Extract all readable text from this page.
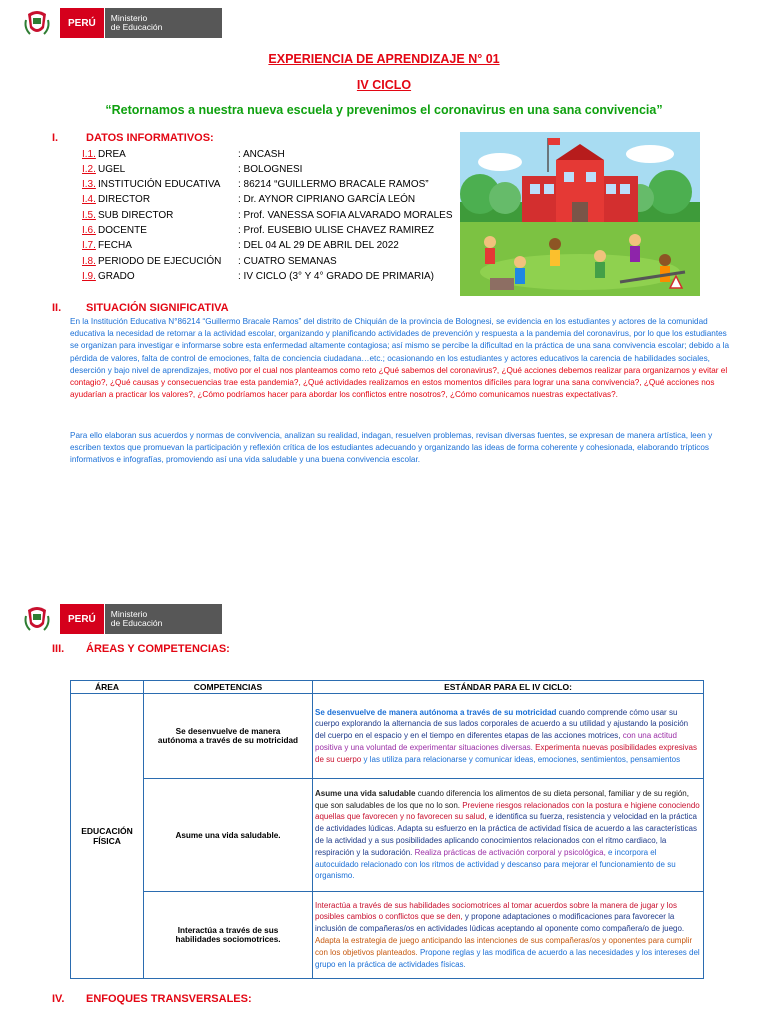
PERÚ	Ministerio
de Educación
EXPERIENCIA DE APRENDIZAJE N° 01
IV CICLO
“Retornamos a nuestra nueva escuela y prevenimos el coronavirus en una sana convivencia”
I.	DATOS INFORMATIVOS:
I.1. DREA	: ANCASH
I.2. UGEL	: BOLOGNESI
I.3. INSTITUCIÓN EDUCATIVA	: 86214 “GUILLERMO BRACALE RAMOS”
I.4. DIRECTOR	: Dr. AYNOR CIPRIANO GARCÍA LEÓN
I.5. SUB DIRECTOR	: Prof. VANESSA SOFIA ALVARADO MORALES
I.6. DOCENTE	: Prof. EUSEBIO ULISE CHAVEZ RAMIREZ
I.7. FECHA	: DEL 04 AL 29 DE ABRIL DEL 2022
I.8. PERIODO DE EJECUCIÓN	: CUATRO SEMANAS
I.9. GRADO	: IV CICLO (3° Y 4° GRADO DE PRIMARIA)
II. SITUACIÓN SIGNIFICATIVA
En la Institución Educativa N°86214 “Guillermo Bracale Ramos” del distrito de Chiquián de la provincia de Bolognesi, se evidencia en los estudiantes y actores de la comunidad educativa la necesidad de retornar a la actividad escolar, organizando y planificando actividades de prevención y respuesta a la pandemia del coronavirus, por lo que los estudiantes se organizan para investigar e informarse sobre esta enfermedad altamente contagiosa; así mismo se percibe la dificultad en la práctica de una sana convivencia escolar; debido a la pérdida de valores, falta de control de emociones, falta de conciencia ciudadana…etc.; ocasionando en los estudiantes y actores educativos la carencia de habilidades sociales, deserción y bajo nivel de aprendizajes, motivo por el cual nos planteamos como reto ¿Qué sabemos del coronavirus?, ¿Qué acciones debemos realizar para organizarnos y evitar el contagio?, ¿Qué causas y consecuencias trae esta pandemia?, ¿Qué actividades realizamos en estos momentos difíciles para lograr una sana convivencia?, ¿Qué acciones nos ayudarían a practicar los valores?, ¿Cómo podríamos hacer para abordar los conflictos entre nosotros?, ¿Cómo comunicamos nuestras expectativas?.
Para ello elaboran sus acuerdos y normas de convivencia, analizan su realidad, indagan, resuelven problemas, revisan diversas fuentes, se expresan de manera artística, leen y escriben textos que promuevan la participación y reflexión crítica de los estudiantes adecuando y organizando las ideas de forma coherente y cohesionada, elaborando trípticos informativos e infografías, promoviendo así una vida saludable y una buena convivencia escolar.
PERÚ	Ministerio
de Educación
III. ÁREAS Y COMPETENCIAS:
ÁREA	COMPETENCIAS	ESTÁNDAR PARA EL IV CICLO:

EDUCACIÓN FÍSICA	Se desenvuelve de manera autónoma a través de su motricidad	Se desenvuelve de manera autónoma a través de su motricidad cuando comprende cómo usar su cuerpo explorando la alternancia de sus lados corporales de acuerdo a su utilidad y ajustando la posición del cuerpo en el espacio y en el tiempo en diferentes etapas de las acciones motrices, con una actitud positiva y una voluntad de experimentar situaciones diversas. Experimenta nuevas posibilidades expresivas de su cuerpo y las utiliza para relacionarse y comunicar ideas, emociones, sentimientos, pensamientos

	Asume una vida saludable.	Asume una vida saludable cuando diferencia los alimentos de su dieta personal, familiar y de su región, que son saludables de los que no lo son. Previene riesgos relacionados con la postura e higiene conociendo aquellas que favorecen y no favorecen su salud, e identifica su fuerza, resistencia y velocidad en la práctica de actividades lúdicas. Adapta su esfuerzo en la práctica de actividad física de acuerdo a las características de la actividad y a sus posibilidades aplicando conocimientos relacionados con el ritmo cardiaco, la respiración y la sudoración. Realiza prácticas de activación corporal y psicológica, e incorpora el autocuidado relacionado con los ritmos de actividad y descanso para mejorar el funcionamiento de su organismo.

	Interactúa a través de sus habilidades sociomotrices.	Interactúa a través de sus habilidades sociomotrices al tomar acuerdos sobre la manera de jugar y los posibles cambios o conflictos que se den, y propone adaptaciones o modificaciones para favorecer la inclusión de compañeras/os en actividades lúdicas aceptando al oponente como compañera/o de juego. Adapta la estrategia de juego anticipando las intenciones de sus compañeras/os y oponentes para cumplir con los objetivos planteados. Propone reglas y las modifica de acuerdo a las necesidades y los intereses del grupo en la práctica de actividades físicas.
IV. ENFOQUES TRANSVERSALES:
